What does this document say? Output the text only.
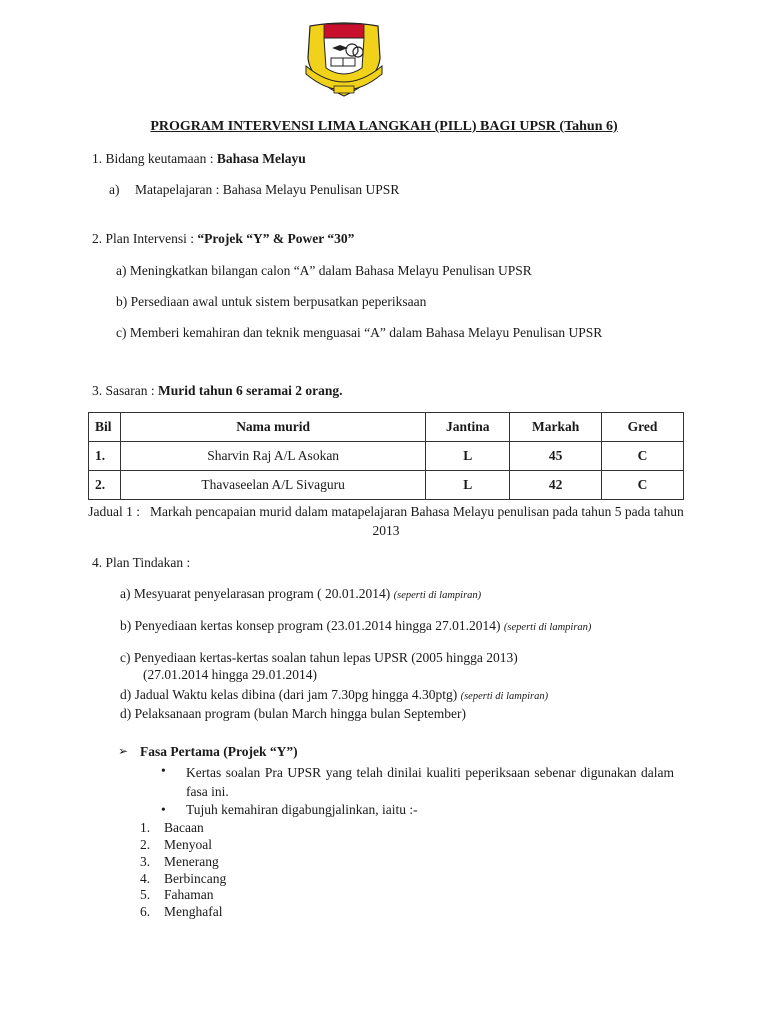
PROGRAM INTERVENSI LIMA LANGKAH (PILL) BAGI UPSR (Tahun 6)
1. Bidang keutamaan : Bahasa Melayu
a) Matapelajaran : Bahasa Melayu Penulisan UPSR
2. Plan Intervensi : “Projek “Y” & Power “30”
a) Meningkatkan bilangan calon “A” dalam Bahasa Melayu Penulisan UPSR
b) Persediaan awal untuk sistem berpusatkan peperiksaan
c) Memberi kemahiran dan teknik menguasai “A” dalam Bahasa Melayu Penulisan UPSR
3. Sasaran : Murid tahun 6 seramai 2 orang.
Bil	Nama murid	Jantina	Markah	Gred
1.	Sharvin Raj A/L Asokan	L	45	C
2.	Thavaseelan A/L Sivaguru	L	42	C
Jadual 1 : Markah pencapaian murid dalam matapelajaran Bahasa Melayu penulisan pada tahun 5 pada tahun 2013
4. Plan Tindakan :
a) Mesyuarat penyelarasan program ( 20.01.2014) (seperti di lampiran)
b) Penyediaan kertas konsep program (23.01.2014 hingga 27.01.2014) (seperti di lampiran)
c) Penyediaan kertas-kertas soalan tahun lepas UPSR (2005 hingga 2013)
(27.01.2014 hingga 29.01.2014)
d) Jadual Waktu kelas dibina (dari jam 7.30pg hingga 4.30ptg) (seperti di lampiran)
d) Pelaksanaan program (bulan March hingga bulan September)
➢ Fasa Pertama (Projek “Y”)
• Kertas soalan Pra UPSR yang telah dinilai kualiti peperiksaan sebenar digunakan dalam fasa ini.
• Tujuh kemahiran digabungjalinkan, iaitu :-
1. Bacaan
2. Menyoal
3. Menerang
4. Berbincang
5. Fahaman
6. Menghafal
